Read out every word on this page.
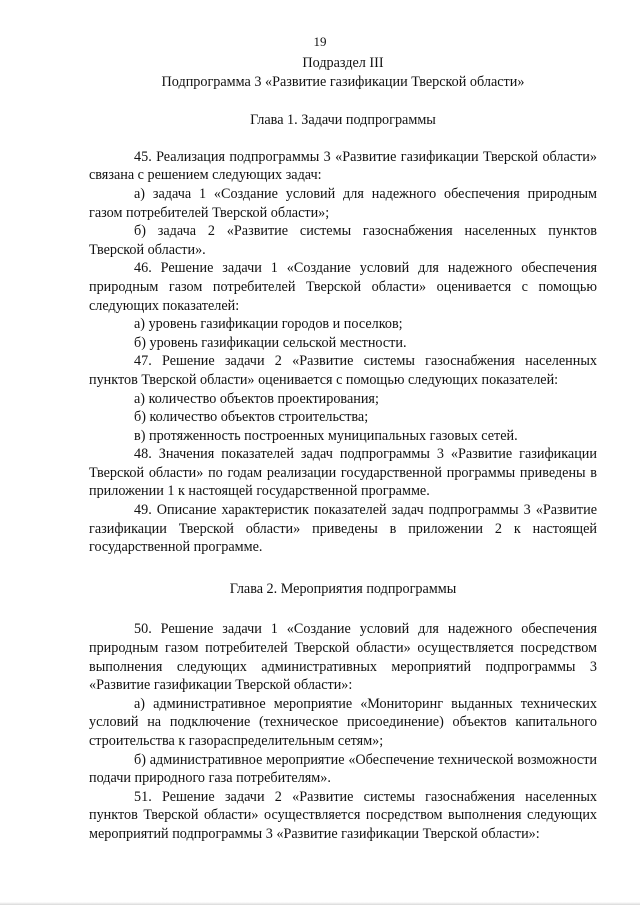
19

Подраздел III

Подпрограмма 3 «Развитие газификации Тверской области»

Глава 1. Задачи подпрограммы

45. Реализация подпрограммы 3 «Развитие газификации Тверской области» связана с решением следующих задач:

а) задача 1 «Создание условий для надежного обеспечения природным газом потребителей Тверской области»;

б) задача 2 «Развитие системы газоснабжения населенных пунктов Тверской области».

46. Решение задачи 1 «Создание условий для надежного обеспечения природным газом потребителей Тверской области» оценивается с помощью следующих показателей:

а) уровень газификации городов и поселков;

б) уровень газификации сельской местности.

47. Решение задачи 2 «Развитие системы газоснабжения населенных пунктов Тверской области» оценивается с помощью следующих показателей:

а) количество объектов проектирования;

б) количество объектов строительства;

в) протяженность построенных муниципальных газовых сетей.

48. Значения показателей задач подпрограммы 3 «Развитие газификации Тверской области» по годам реализации государственной программы приведены в приложении 1 к настоящей государственной программе.

49. Описание характеристик показателей задач подпрограммы 3 «Развитие газификации Тверской области» приведены в приложении 2 к настоящей государственной программе.

Глава 2. Мероприятия подпрограммы

50. Решение задачи 1 «Создание условий для надежного обеспечения природным газом потребителей Тверской области» осуществляется посредством выполнения следующих административных мероприятий подпрограммы 3 «Развитие газификации Тверской области»:

а) административное мероприятие «Мониторинг выданных технических условий на подключение (техническое присоединение) объектов капитального строительства к газораспределительным сетям»;

б) административное мероприятие «Обеспечение технической возможности подачи природного газа потребителям».

51. Решение задачи 2 «Развитие системы газоснабжения населенных пунктов Тверской области» осуществляется посредством выполнения следующих мероприятий подпрограммы 3 «Развитие газификации Тверской области»:
